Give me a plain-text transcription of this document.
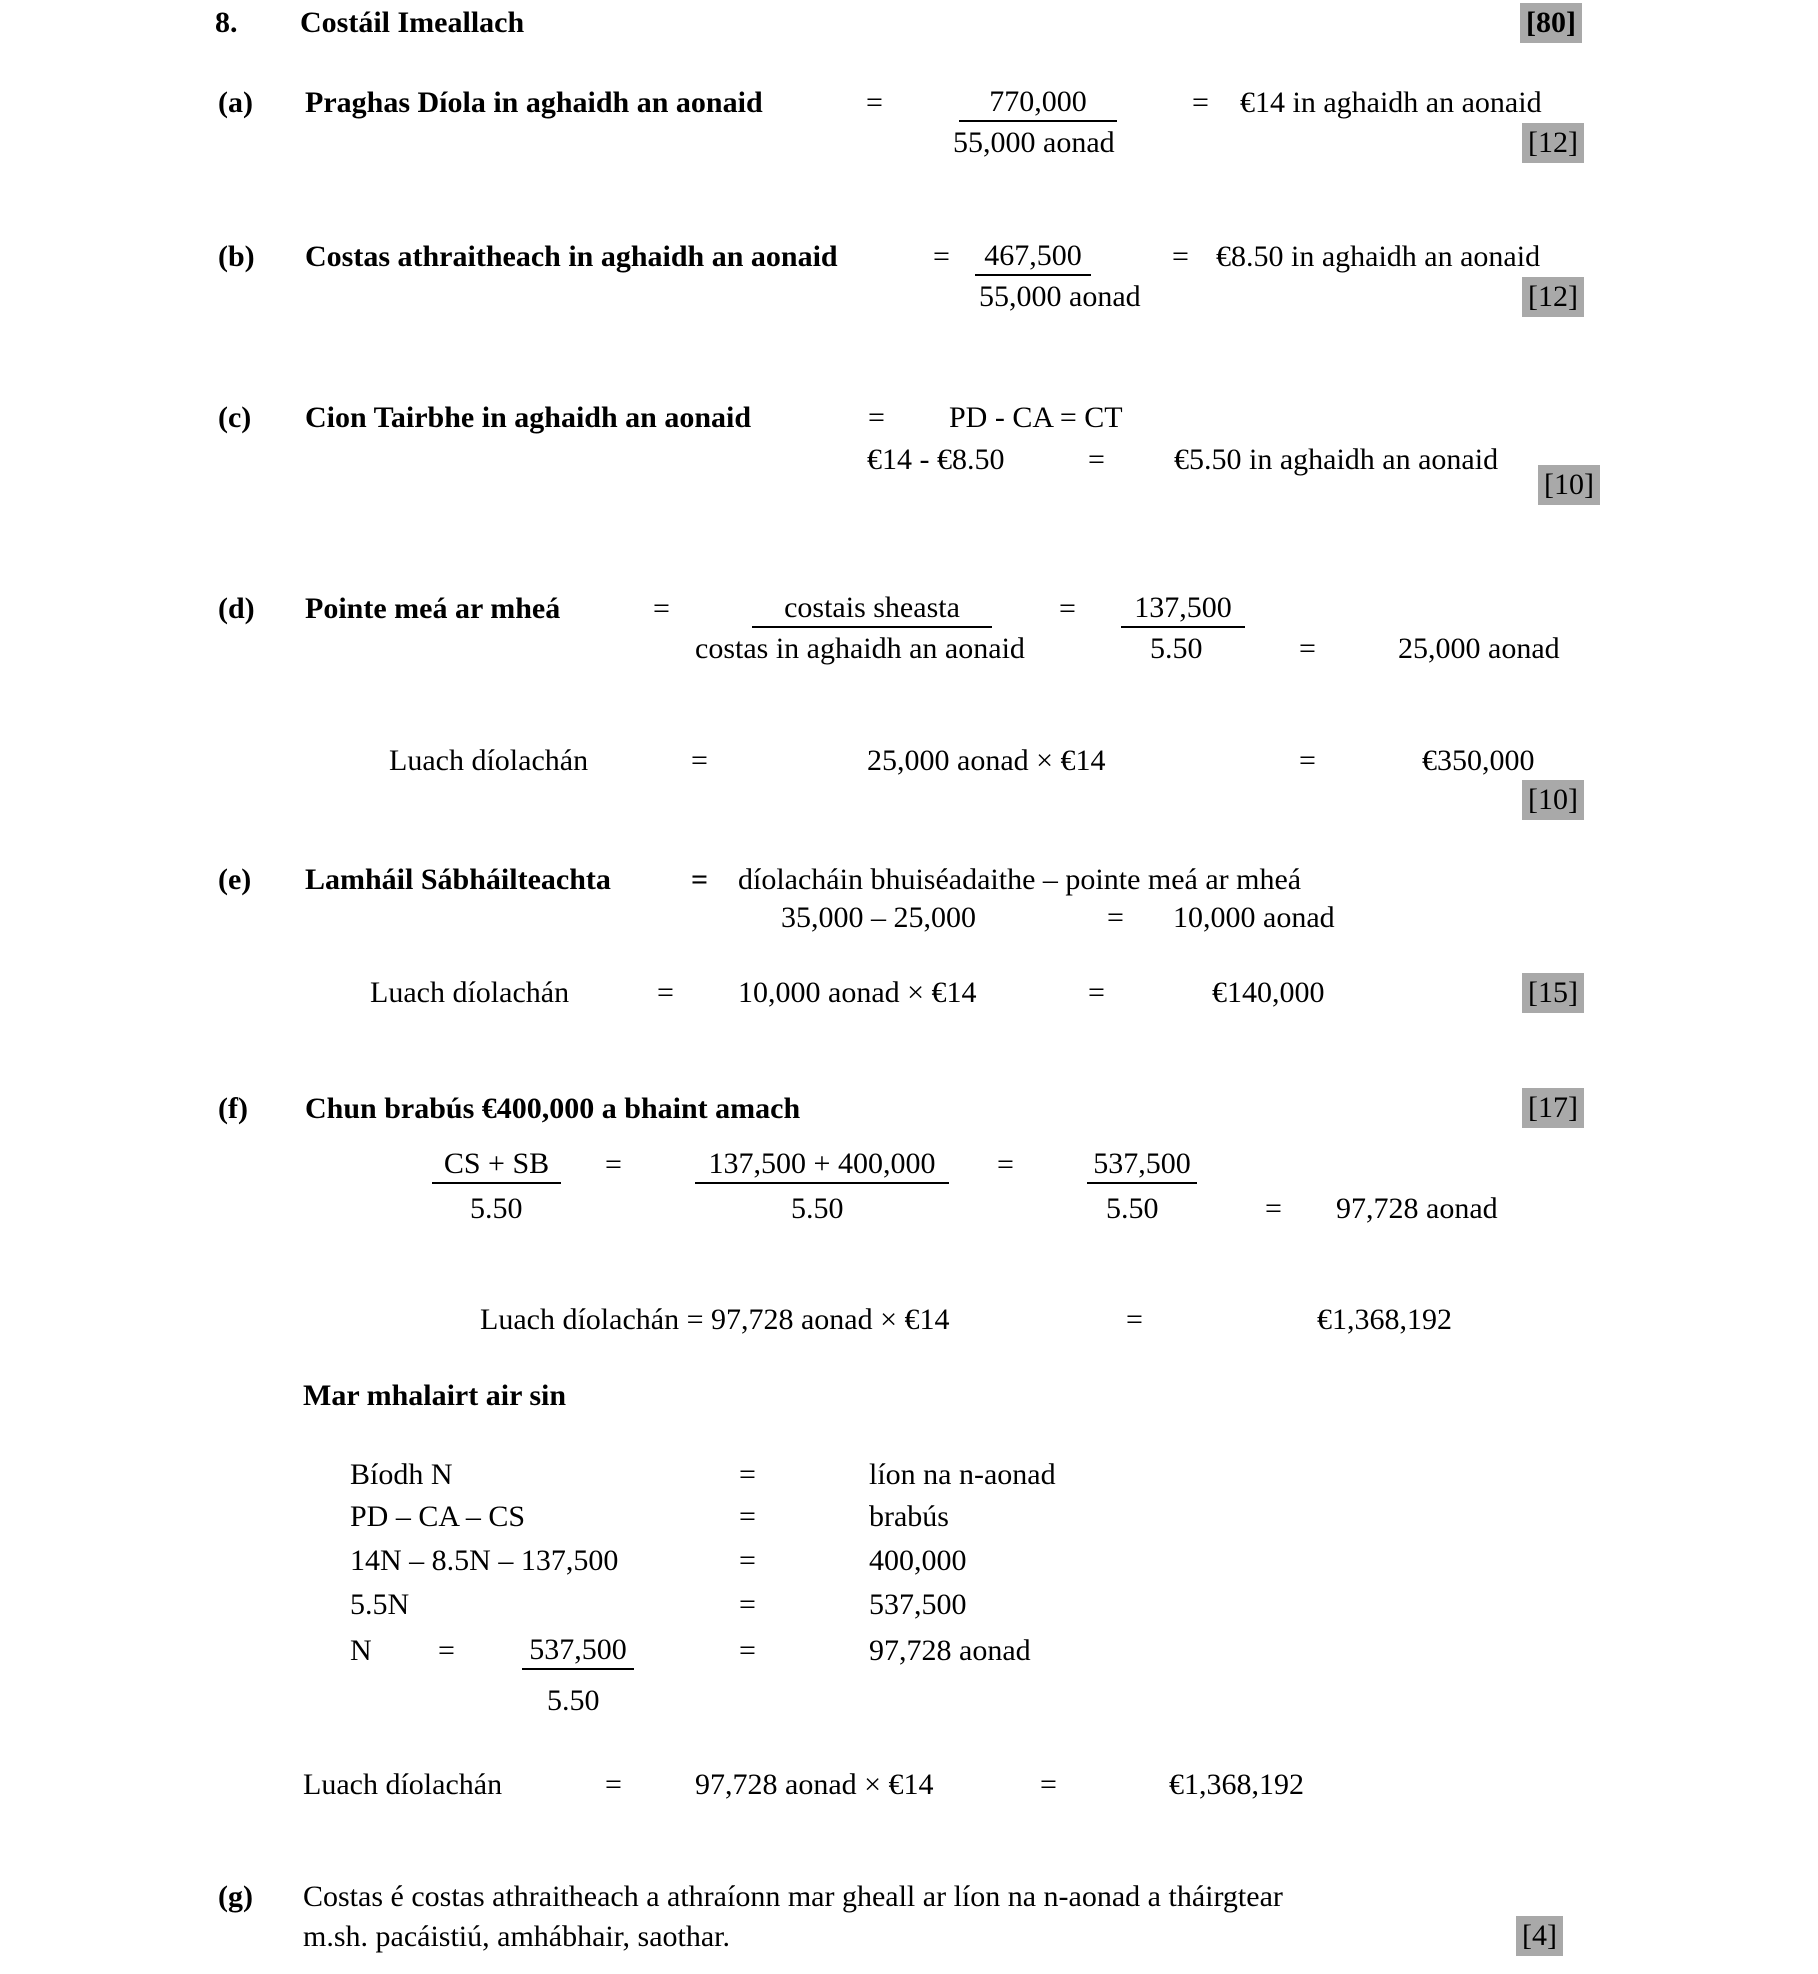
8. Costáil Imeallach	[80]
(a) Praghas Díola in aghaidh an aonaid	=	770,000
55,000 aonad
= €14 in aghaidh an aonaid
[12]
(b) Costas athraitheach in aghaidh an aonaid	=	467,500
55,000 aonad
= €8.50 in aghaidh an aonaid
[12]
(c) Cion Tairbhe in aghaidh an aonaid	= PD - CA = CT
€14 - €8.50	= €5.50 in aghaidh an aonaid
[10]
(d) Pointe meá ar mheá	=	costais sheasta
costas in aghaidh an aonaid
=	137,500
5.50	=	25,000 aonad
Luach díolachán	=	25,000 aonad × €14	=	€350,000
[10]
(e) Lamháil Sábháilteachta	= díolacháin bhuiséadaithe – pointe meá ar mheá
35,000 – 25,000	= 10,000 aonad
Luach díolachán	= 10,000 aonad × €14	=	€140,000	[15]
(f) Chun brabús €400,000 a bhaint amach	[17]
CS + SB
5.50
=	137,500 + 400,000
5.50
=	537,500
5.50	= 97,728 aonad
Luach díolachán = 97,728 aonad × €14	=	€1,368,192
Mar mhalairt air sin
Bíodh N	=	líon na n-aonad
PD – CA – CS	=	brabús
14N – 8.5N – 137,500	=	400,000
5.5N	=	537,500
N = 537,500	=	97,728 aonad
5.50
Luach díolachán	= 97,728 aonad × €14	=	€1,368,192
(g) Costas é costas athraitheach a athraíonn mar gheall ar líon na n-aonad a tháirgtear
m.sh. pacáistiú, amhábhair, saothar.	[4]
